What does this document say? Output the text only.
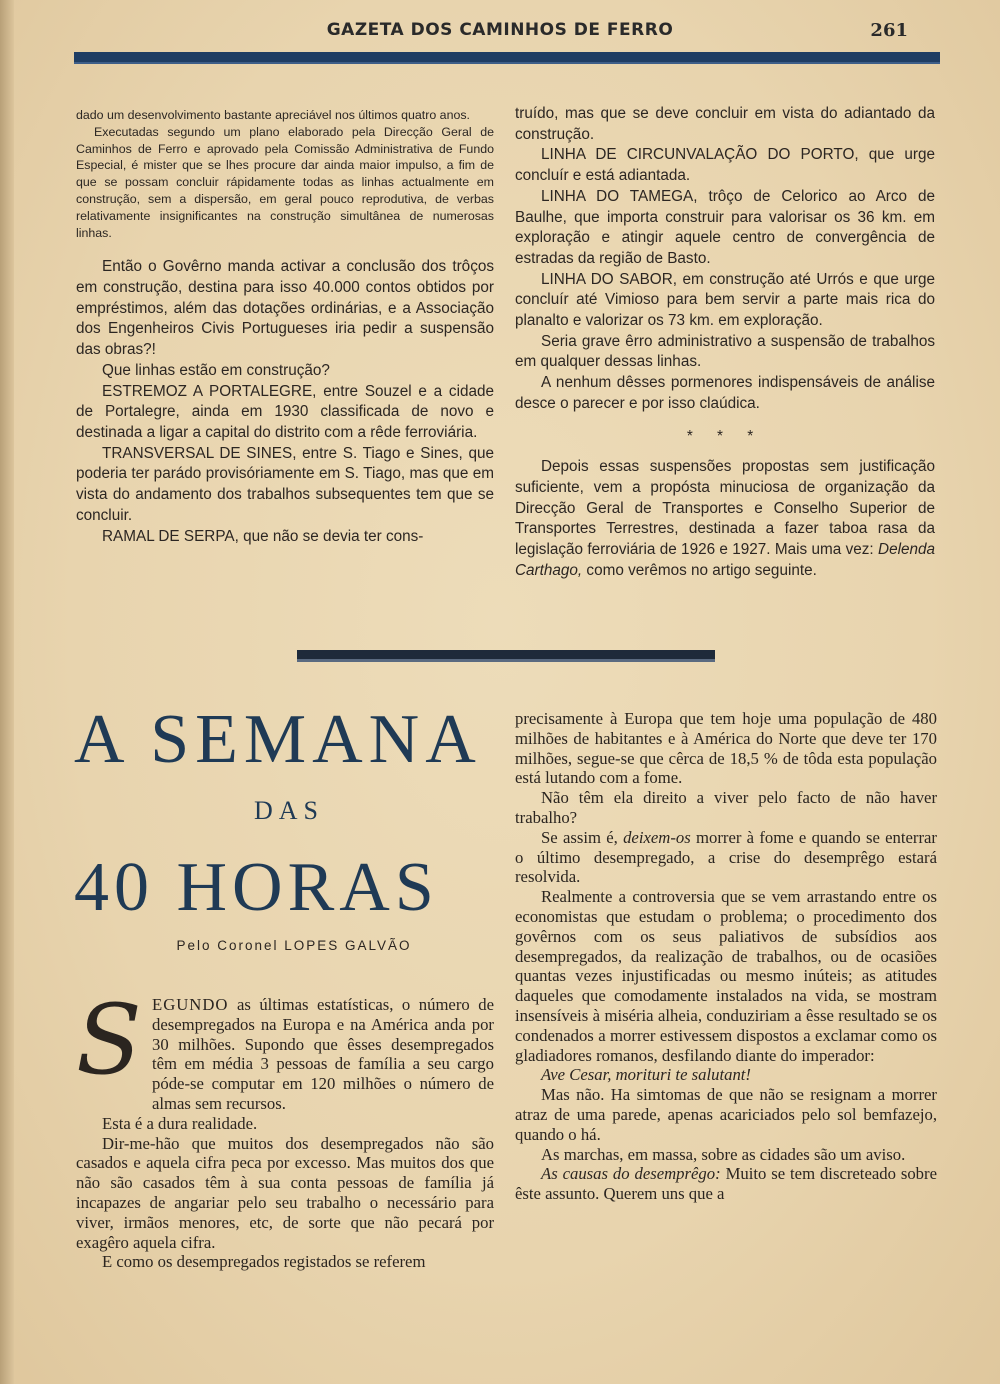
GAZETA DOS CAMINHOS DE FERRO	261

dado um desenvolvimento bastante apreciável nos últimos quatro anos.

Executadas segundo um plano elaborado pela Direcção Geral de Caminhos de Ferro e aprovado pela Comissão Administrativa de Fundo Especial, é mister que se lhes procure dar ainda maior impulso, a fim de que se possam concluir rápidamente todas as linhas actualmente em construção, sem a dispersão, em geral pouco reprodutiva, de verbas relativamente insignificantes na construção simultânea de numerosas linhas.

Então o Govêrno manda activar a conclusão dos trôços em construção, destina para isso 40.000 contos obtidos por empréstimos, além das dotações ordinárias, e a Associação dos Engenheiros Civis Portugueses iria pedir a suspensão das obras?!

Que linhas estão em construção?

ESTREMOZ A PORTALEGRE, entre Souzel e a cidade de Portalegre, ainda em 1930 classificada de novo e destinada a ligar a capital do distrito com a rêde ferroviária.

TRANSVERSAL DE SINES, entre S. Tiago e Sines, que poderia ter parádo provisóriamente em S. Tiago, mas que em vista do andamento dos trabalhos subsequentes tem que se concluir.

RAMAL DE SERPA, que não se devia ter cons-

truído, mas que se deve concluir em vista do adiantado da construção.

LINHA DE CIRCUNVALAÇÃO DO PORTO, que urge concluír e está adiantada.

LINHA DO TAMEGA, trôço de Celorico ao Arco de Baulhe, que importa construir para valorisar os 36 km. em exploração e atingir aquele centro de convergência de estradas da região de Basto.

LINHA DO SABOR, em construção até Urrós e que urge concluír até Vimioso para bem servir a parte mais rica do planalto e valorizar os 73 km. em exploração.

Seria grave êrro administrativo a suspensão de trabalhos em qualquer dessas linhas.

A nenhum dêsses pormenores indispensáveis de análise desce o parecer e por isso claúdica.

* * *

Depois essas suspensões propostas sem justificação suficiente, vem a propósta minuciosa de organização da Direcção Geral de Transportes e Conselho Superior de Transportes Terrestres, destinada a fazer taboa rasa da legislação ferroviária de 1926 e 1927. Mais uma vez: Delenda Carthago, como verêmos no artigo seguinte.

A SEMANA
DAS
40 HORAS
Pelo Coronel LOPES GALVÃO
S EGUNDO as últimas estatísticas, o número de desempregados na Europa e na América anda por 30 milhões. Supondo que êsses desempregados têm em média 3 pessoas de família a seu cargo póde-se computar em 120 milhões o número de almas sem recursos.

Esta é a dura realidade.

Dir-me-hão que muitos dos desempregados não são casados e aquela cifra peca por excesso. Mas muitos dos que não são casados têm à sua conta pessoas de família já incapazes de angariar pelo seu trabalho o necessário para viver, irmãos menores, etc, de sorte que não pecará por exagêro aquela cifra.

E como os desempregados registados se referem

precisamente à Europa que tem hoje uma população de 480 milhões de habitantes e à América do Norte que deve ter 170 milhões, segue-se que cêrca de 18,5 % de tôda esta população está lutando com a fome.

Não têm ela direito a viver pelo facto de não haver trabalho?

Se assim é, deixem-os morrer à fome e quando se enterrar o último desempregado, a crise do desemprêgo estará resolvida.

Realmente a controversia que se vem arrastando entre os economistas que estudam o problema; o procedimento dos govêrnos com os seus paliativos de subsídios aos desempregados, da realização de trabalhos, ou de ocasiões quantas vezes injustificadas ou mesmo inúteis; as atitudes daqueles que comodamente instalados na vida, se mostram insensíveis à miséria alheia, conduziriam a êsse resultado se os condenados a morrer estivessem dispostos a exclamar como os gladiadores romanos, desfilando diante do imperador:

Ave Cesar, morituri te salutant!

Mas não. Ha simtomas de que não se resignam a morrer atraz de uma parede, apenas acariciados pelo sol bemfazejo, quando o há.

As marchas, em massa, sobre as cidades são um aviso.

As causas do desemprêgo: Muito se tem discreteado sobre êste assunto. Querem uns que a
